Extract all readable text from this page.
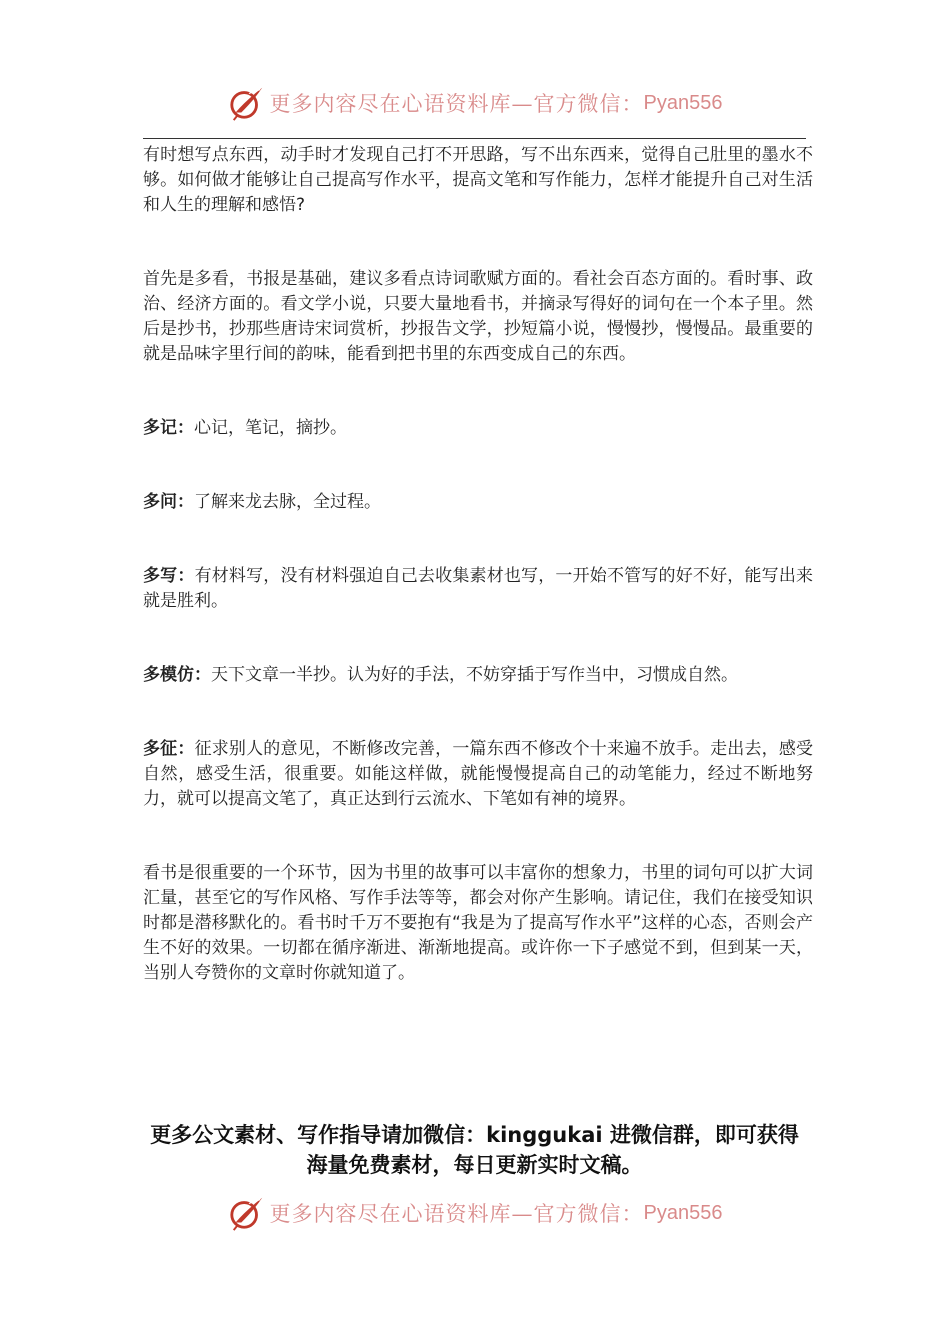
更多内容尽在心语资料库—官方微信： Pyan556

有时想写点东西，动手时才发现自己打不开思路，写不出东西来，觉得自己肚里的墨水不够。如何做才能够让自己提高写作水平，提高文笔和写作能力，怎样才能提升自己对生活和人生的理解和感悟?

首先是多看，书报是基础，建议多看点诗词歌赋方面的。看社会百态方面的。看时事、政治、经济方面的。看文学小说，只要大量地看书，并摘录写得好的词句在一个本子里。然后是抄书，抄那些唐诗宋词赏析，抄报告文学，抄短篇小说，慢慢抄，慢慢品。最重要的就是品味字里行间的韵味，能看到把书里的东西变成自己的东西。

多记：心记，笔记，摘抄。

多问：了解来龙去脉，全过程。

多写：有材料写，没有材料强迫自己去收集素材也写，一开始不管写的好不好，能写出来就是胜利。

多模仿：天下文章一半抄。认为好的手法，不妨穿插于写作当中，习惯成自然。

多征：征求别人的意见，不断修改完善，一篇东西不修改个十来遍不放手。走出去，感受自然，感受生活，很重要。如能这样做，就能慢慢提高自己的动笔能力，经过不断地努力，就可以提高文笔了，真正达到行云流水、下笔如有神的境界。

看书是很重要的一个环节，因为书里的故事可以丰富你的想象力，书里的词句可以扩大词汇量，甚至它的写作风格、写作手法等等，都会对你产生影响。请记住，我们在接受知识时都是潜移默化的。看书时千万不要抱有“我是为了提高写作水平”这样的心态，否则会产生不好的效果。一切都在循序渐进、渐渐地提高。或许你一下子感觉不到，但到某一天，当别人夸赞你的文章时你就知道了。

更多公文素材、写作指导请加微信：kinggukai 进微信群，即可获得海量免费素材，每日更新实时文稿。
更多内容尽在心语资料库—官方微信： Pyan556
